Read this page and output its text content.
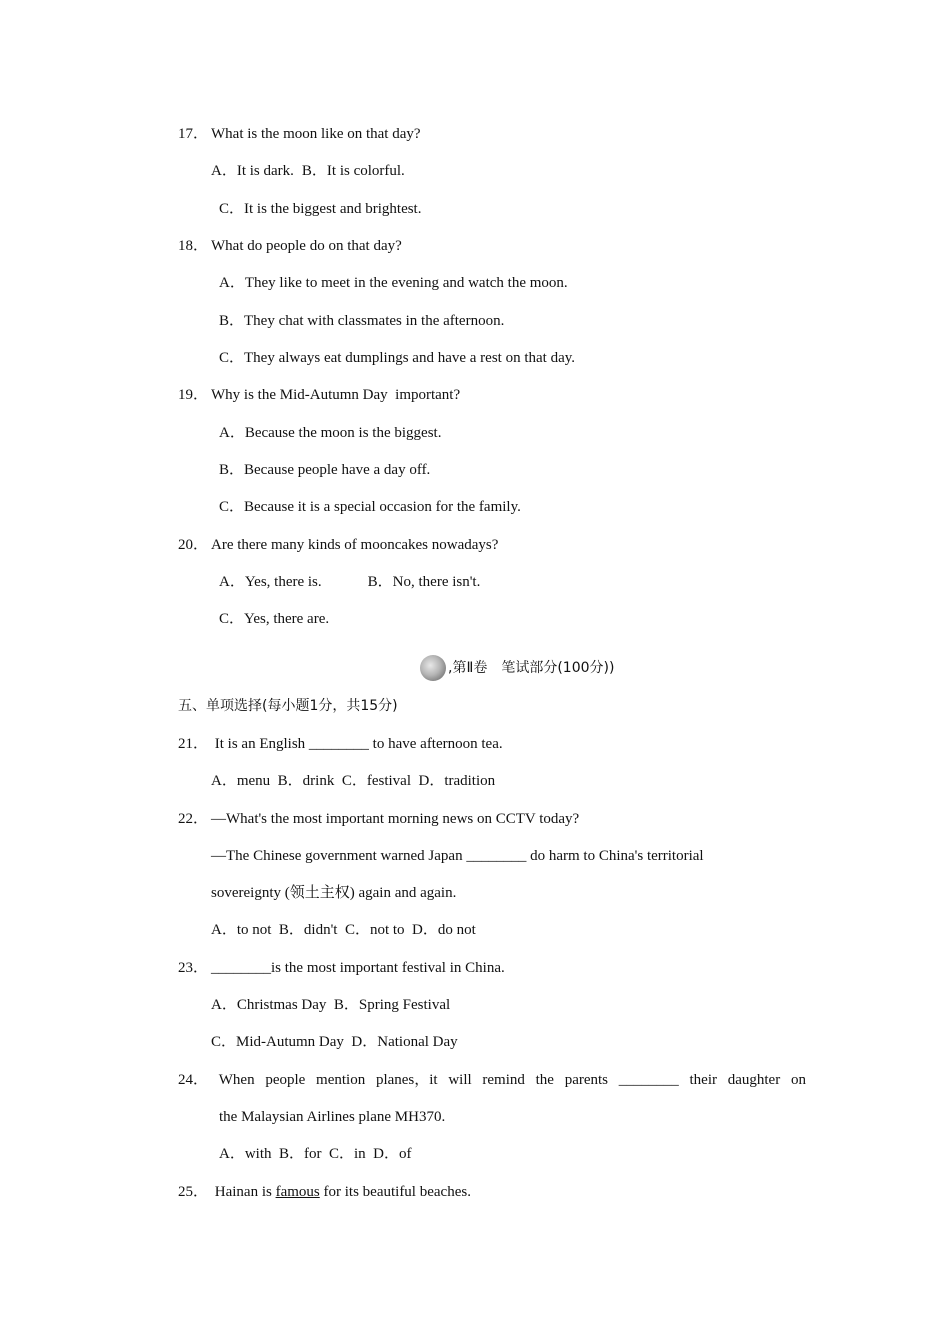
17． What is the moon like on that day?
A．It is dark. B．It is colorful.
C．It is the biggest and brightest.
18． What do people do on that day?
A．They like to meet in the evening and watch the moon.
B．They chat with classmates in the afternoon.
C．They always eat dumplings and have a rest on that day.
19． Why is the Mid-Autumn Day  important?
A．Because the moon is the biggest.
B．Because people have a day off.
C．Because it is a special occasion for the family.
20． Are there many kinds of mooncakes nowadays?
A．Yes, there is.	B．No, there isn't.
C．Yes, there are.
,第Ⅱ卷　笔试部分(100分))
五、单项选择(每小题1分，共15分)
21． It is an English ________ to have afternoon tea.
A．menu  B．drink  C．festival  D．tradition
22． —What's the most important morning news on CCTV today?
—The Chinese government warned Japan ________ do harm to China's territorial
sovereignty (领土主权) again and again.
A．to not  B．didn't  C．not to  D．do not
23． ________is the most important festival in China.
A．Christmas Day  B．Spring Festival
C．Mid-Autumn Day  D．National Day
24． When people mention planes，it will remind the parents ________ their daughter on
the Malaysian Airlines plane MH370.
A．with  B．for  C．in  D．of
25． Hainan is famous for its beautiful beaches.
